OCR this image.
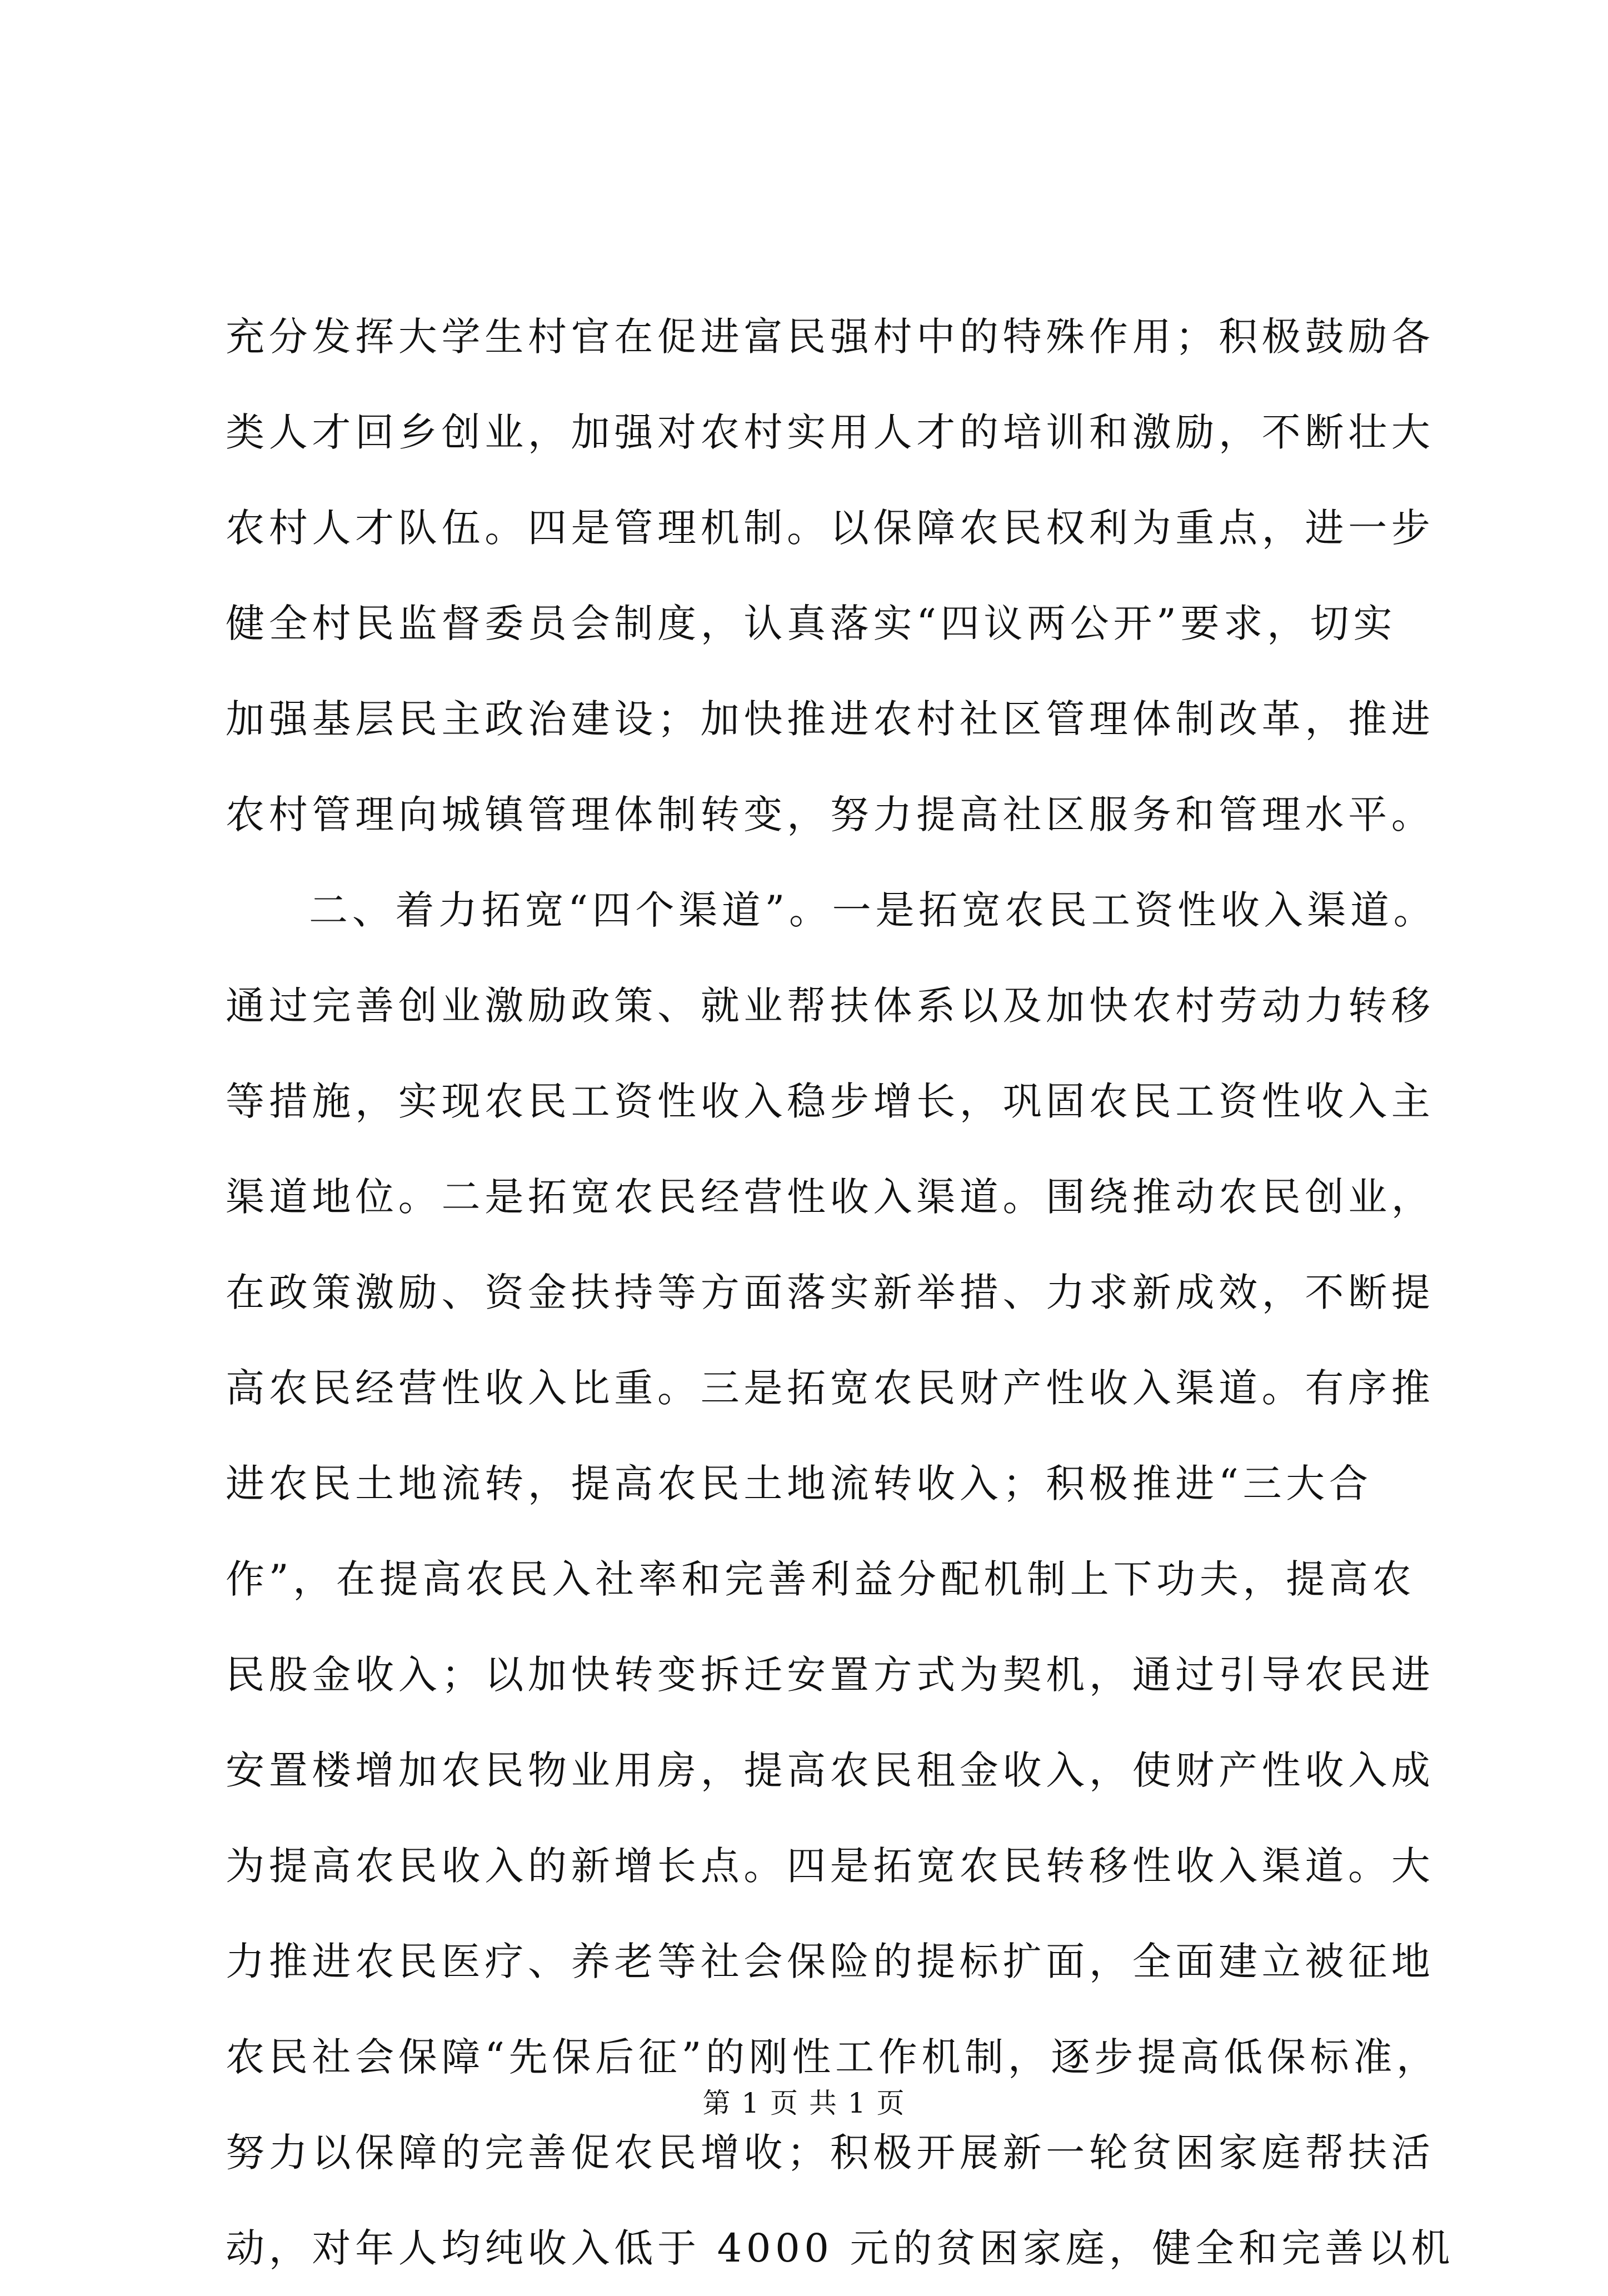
充分发挥大学生村官在促进富民强村中的特殊作用；积极鼓励各
类人才回乡创业，加强对农村实用人才的培训和激励，不断壮大
农村人才队伍。四是管理机制。以保障农民权利为重点，进一步
健全村民监督委员会制度，认真落实“四议两公开”要求，切实
加强基层民主政治建设；加快推进农村社区管理体制改革，推进
农村管理向城镇管理体制转变，努力提高社区服务和管理水平。
二、着力拓宽“四个渠道”。一是拓宽农民工资性收入渠道。
通过完善创业激励政策、就业帮扶体系以及加快农村劳动力转移
等措施，实现农民工资性收入稳步增长，巩固农民工资性收入主
渠道地位。二是拓宽农民经营性收入渠道。围绕推动农民创业，
在政策激励、资金扶持等方面落实新举措、力求新成效，不断提
高农民经营性收入比重。三是拓宽农民财产性收入渠道。有序推
进农民土地流转，提高农民土地流转收入；积极推进“三大合
作”，在提高农民入社率和完善利益分配机制上下功夫，提高农
民股金收入；以加快转变拆迁安置方式为契机，通过引导农民进
安置楼增加农民物业用房，提高农民租金收入，使财产性收入成
为提高农民收入的新增长点。四是拓宽农民转移性收入渠道。大
力推进农民医疗、养老等社会保险的提标扩面，全面建立被征地
农民社会保障“先保后征”的刚性工作机制，逐步提高低保标准，
努力以保障的完善促农民增收；积极开展新一轮贫困家庭帮扶活
动，对年人均纯收入低于 4000 元的贫困家庭，健全和完善以机
第 1 页 共 1 页
